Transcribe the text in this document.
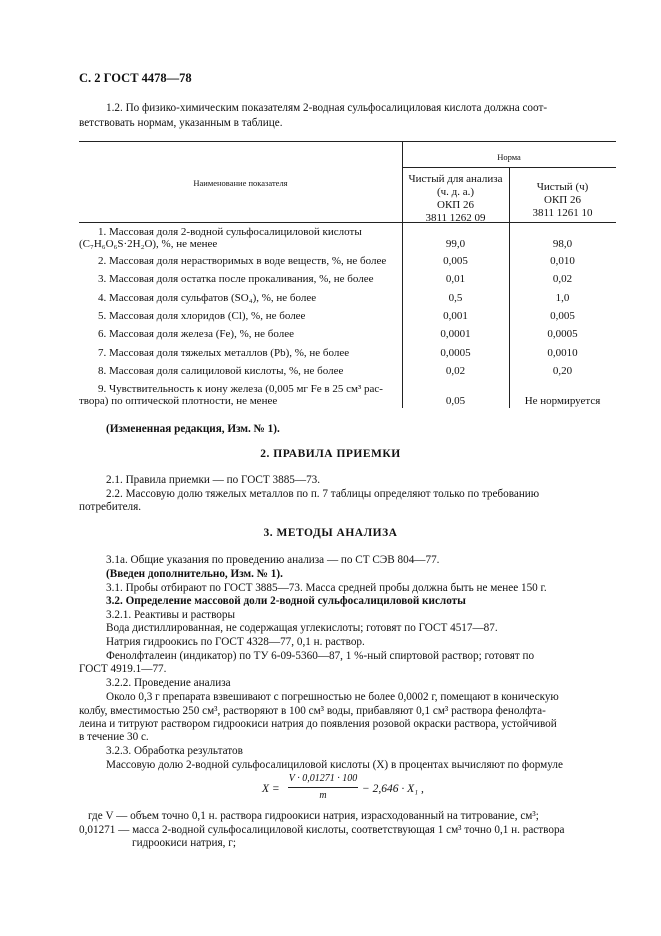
С. 2 ГОСТ 4478—78
1.2. По физико-химическим показателям 2-водная сульфосалициловая кислота должна соот-
ветствовать нормам, указанным в таблице.
Наименование показателя
Норма
Чистый для анализа
(ч. д. а.)
ОКП 26
3811 1262 09
Чистый (ч)
ОКП 26
3811 1261 10
1. Массовая доля 2-водной сульфосалициловой кислоты
(C₇H₆O₆S·2H₂O), %, не менее	99,0	98,0
2. Массовая доля нерастворимых в воде веществ, %, не более	0,005	0,010
3. Массовая доля остатка после прокаливания, %, не более	0,01	0,02
4. Массовая доля сульфатов (SO₄), %, не более	0,5	1,0
5. Массовая доля хлоридов (Cl), %, не более	0,001	0,005
6. Массовая доля железа (Fe), %, не более	0,0001	0,0005
7. Массовая доля тяжелых металлов (Pb), %, не более	0,0005	0,0010
8. Массовая доля салициловой кислоты, %, не более	0,02	0,20
9. Чувствительность к иону железа (0,005 мг Fe в 25 см³ рас-
твора) по оптической плотности, не менее	0,05	Не нормируется
(Измененная редакция, Изм. № 1).
2. ПРАВИЛА ПРИЕМКИ
2.1. Правила приемки — по ГОСТ 3885—73.
2.2. Массовую долю тяжелых металлов по п. 7 таблицы определяют только по требованию
потребителя.
3. МЕТОДЫ АНАЛИЗА
3.1а. Общие указания по проведению анализа — по СТ СЭВ 804—77.
(Введен дополнительно, Изм. № 1).
3.1. Пробы отбирают по ГОСТ 3885—73. Масса средней пробы должна быть не менее 150 г.
3.2. Определение массовой доли 2-водной сульфосалициловой кислоты
3.2.1. Реактивы и растворы
Вода дистиллированная, не содержащая углекислоты; готовят по ГОСТ 4517—87.
Натрия гидроокись по ГОСТ 4328—77, 0,1 н. раствор.
Фенолфталеин (индикатор) по ТУ 6-09-5360—87, 1 %-ный спиртовой раствор; готовят по
ГОСТ 4919.1—77.
3.2.2. Проведение анализа
Около 0,3 г препарата взвешивают с погрешностью не более 0,0002 г, помещают в коническую
колбу, вместимостью 250 см³, растворяют в 100 см³ воды, прибавляют 0,1 см³ раствора фенолфта-
леина и титруют раствором гидроокиси натрия до появления розовой окраски раствора, устойчивой
в течение 30 с.
3.2.3. Обработка результатов
Массовую долю 2-водной сульфосалициловой кислоты (X) в процентах вычисляют по формуле
X =
V · 0,01271 · 100
m
− 2,646 · X₁ ,
где V — объем точно 0,1 н. раствора гидроокиси натрия, израсходованный на титрование, см³;
0,01271 — масса 2-водной сульфосалициловой кислоты, соответствующая 1 см³ точно 0,1 н. раствора
гидроокиси натрия, г;
